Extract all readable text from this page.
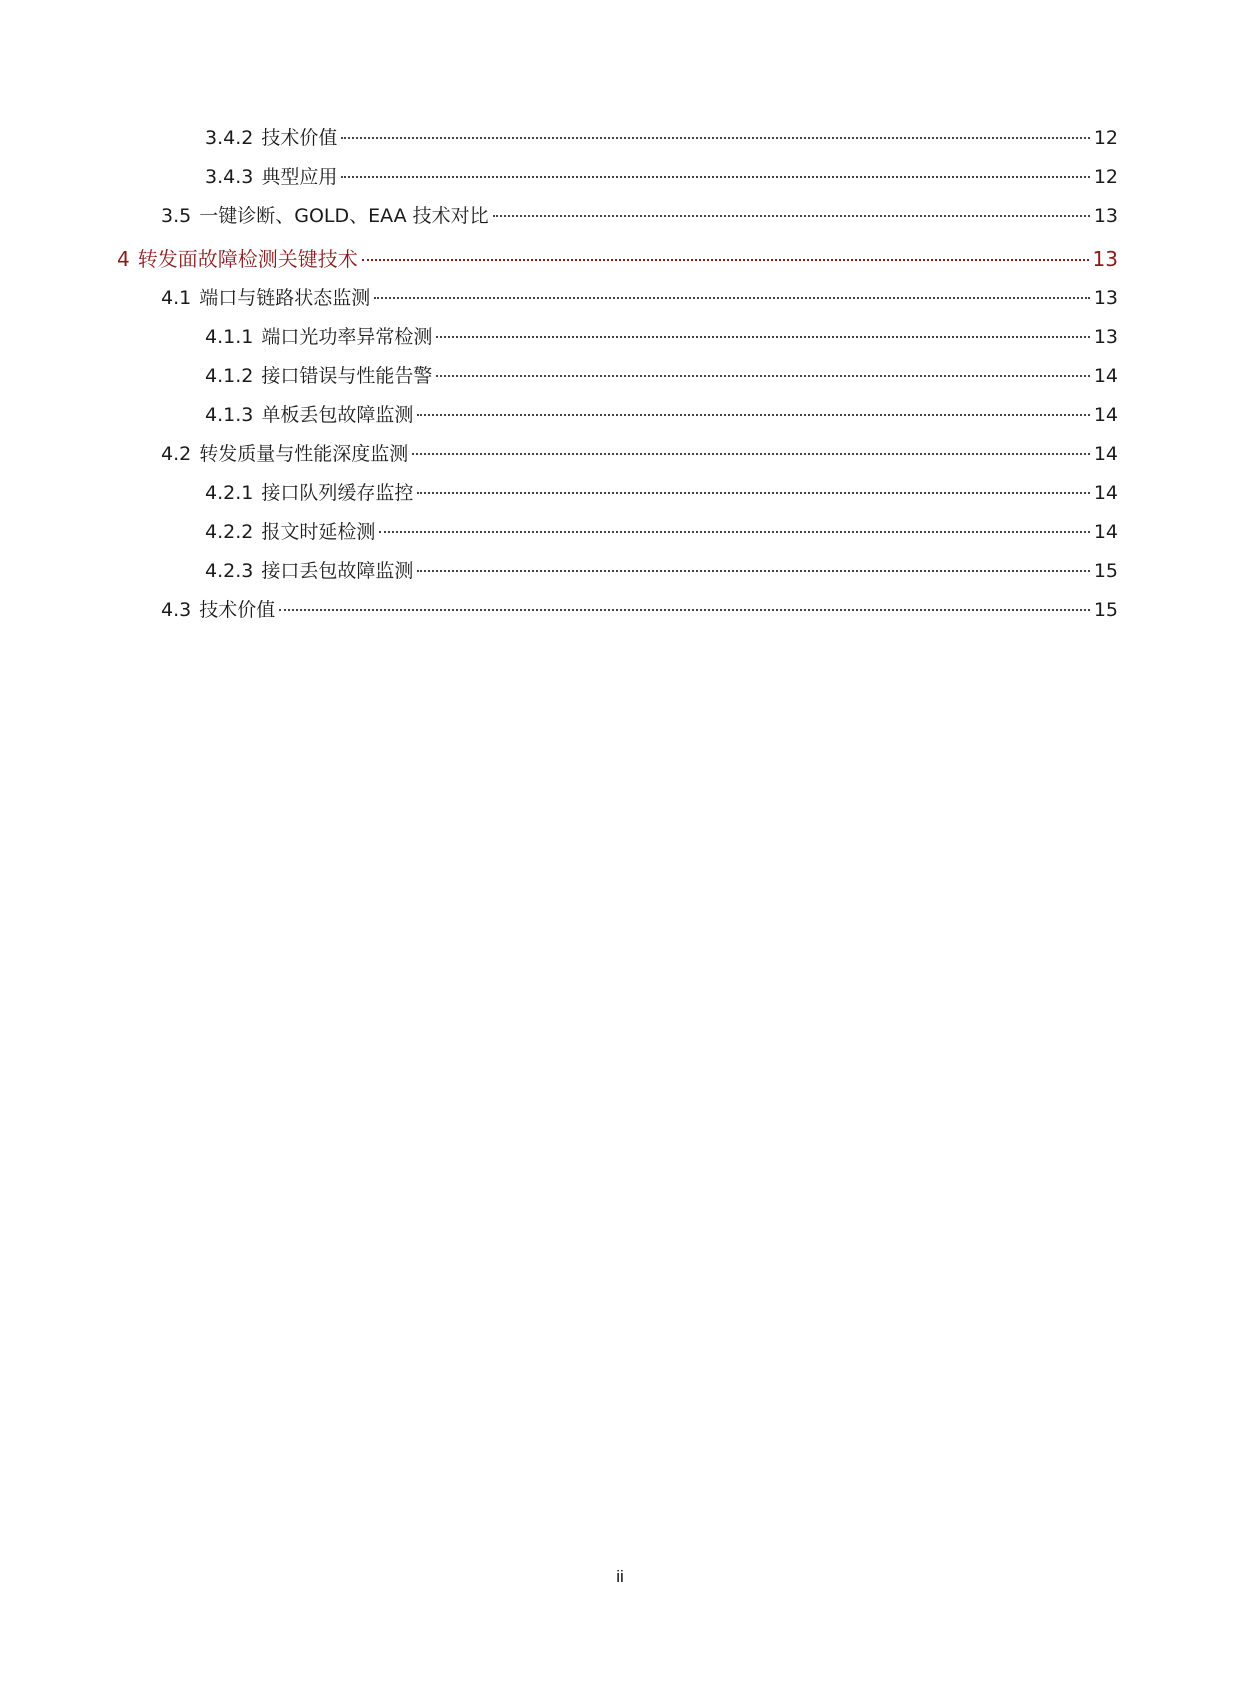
3.4.2 技术价值	12
3.4.3 典型应用	12
3.5 一键诊断、GOLD、EAA 技术对比	13
4 转发面故障检测关键技术	13
4.1 端口与链路状态监测	13
4.1.1 端口光功率异常检测	13
4.1.2 接口错误与性能告警	14
4.1.3 单板丢包故障监测	14
4.2 转发质量与性能深度监测	14
4.2.1 接口队列缓存监控	14
4.2.2 报文时延检测	14
4.2.3 接口丢包故障监测	15
4.3 技术价值	15
ii
